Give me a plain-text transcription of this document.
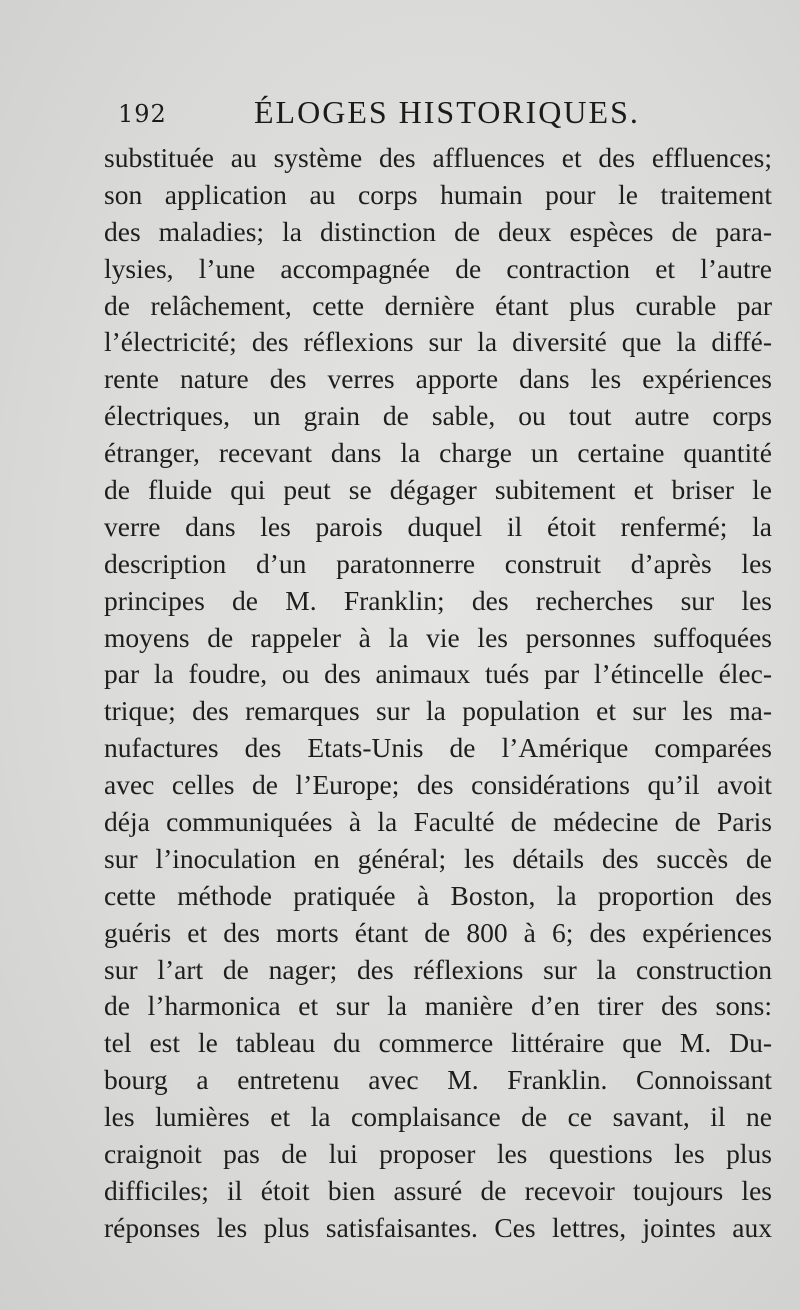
192	ÉLOGES HISTORIQUES.
substituée au système des affluences et des effluences;
son application au corps humain pour le traitement
des maladies; la distinction de deux espèces de para-
lysies, l’une accompagnée de contraction et l’autre
de relâchement, cette dernière étant plus curable par
l’électricité; des réflexions sur la diversité que la diffé-
rente nature des verres apporte dans les expériences
électriques, un grain de sable, ou tout autre corps
étranger, recevant dans la charge un certaine quantité
de fluide qui peut se dégager subitement et briser le
verre dans les parois duquel il étoit renfermé; la
description d’un paratonnerre construit d’après les
principes de M. Franklin; des recherches sur les
moyens de rappeler à la vie les personnes suffoquées
par la foudre, ou des animaux tués par l’étincelle élec-
trique; des remarques sur la population et sur les ma-
nufactures des Etats-Unis de l’Amérique comparées
avec celles de l’Europe; des considérations qu’il avoit
déja communiquées à la Faculté de médecine de Paris
sur l’inoculation en général; les détails des succès de
cette méthode pratiquée à Boston, la proportion des
guéris et des morts étant de 800 à 6; des expériences
sur l’art de nager; des réflexions sur la construction
de l’harmonica et sur la manière d’en tirer des sons:
tel est le tableau du commerce littéraire que M. Du-
bourg a entretenu avec M. Franklin. Connoissant
les lumières et la complaisance de ce savant, il ne
craignoit pas de lui proposer les questions les plus
difficiles; il étoit bien assuré de recevoir toujours les
réponses les plus satisfaisantes. Ces lettres, jointes aux
